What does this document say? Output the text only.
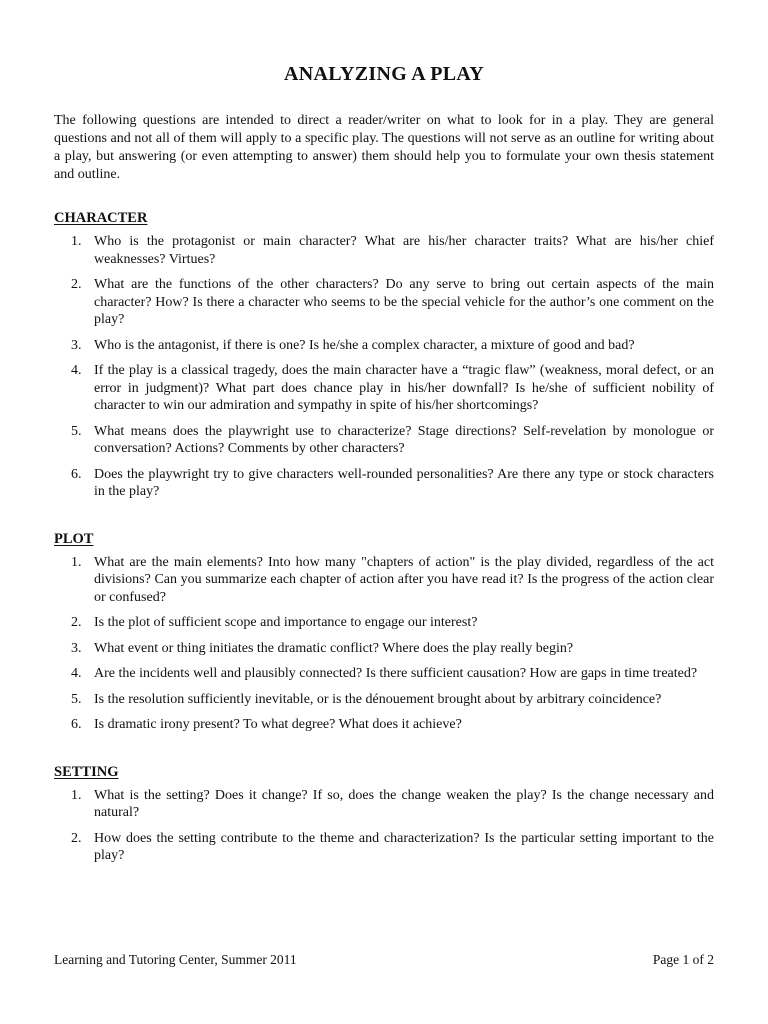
ANALYZING A PLAY

The following questions are intended to direct a reader/writer on what to look for in a play. They are general questions and not all of them will apply to a specific play. The questions will not serve as an outline for writing about a play, but answering (or even attempting to answer) them should help you to formulate your own thesis statement and outline.

CHARACTER
1. Who is the protagonist or main character? What are his/her character traits? What are his/her chief weaknesses? Virtues?
2. What are the functions of the other characters? Do any serve to bring out certain aspects of the main character? How? Is there a character who seems to be the special vehicle for the author’s one comment on the play?
3. Who is the antagonist, if there is one? Is he/she a complex character, a mixture of good and bad?
4. If the play is a classical tragedy, does the main character have a “tragic flaw” (weakness, moral defect, or an error in judgment)? What part does chance play in his/her downfall? Is he/she of sufficient nobility of character to win our admiration and sympathy in spite of his/her shortcomings?
5. What means does the playwright use to characterize? Stage directions? Self-revelation by monologue or conversation? Actions? Comments by other characters?
6. Does the playwright try to give characters well-rounded personalities? Are there any type or stock characters in the play?
PLOT
1. What are the main elements? Into how many "chapters of action" is the play divided, regardless of the act divisions? Can you summarize each chapter of action after you have read it? Is the progress of the action clear or confused?
2. Is the plot of sufficient scope and importance to engage our interest?
3. What event or thing initiates the dramatic conflict? Where does the play really begin?
4. Are the incidents well and plausibly connected? Is there sufficient causation? How are gaps in time treated?
5. Is the resolution sufficiently inevitable, or is the dénouement brought about by arbitrary coincidence?
6. Is dramatic irony present? To what degree? What does it achieve?
SETTING
1. What is the setting? Does it change? If so, does the change weaken the play? Is the change necessary and natural?
2. How does the setting contribute to the theme and characterization? Is the particular setting important to the play?
Learning and Tutoring Center, Summer 2011	Page 1 of 2
